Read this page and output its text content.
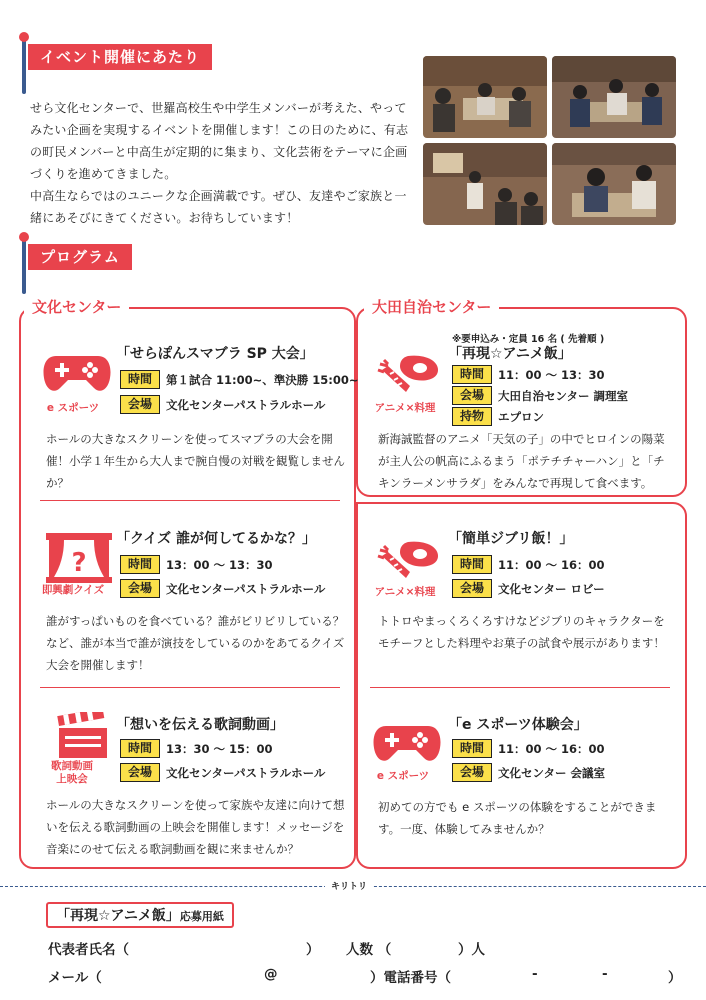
イベント開催にあたり

せら文化センターで、世羅高校生や中学生メンバーが考えた、やってみたい企画を実現するイベントを開催します！この日のために、有志の町民メンバーと中高生が定期的に集まり、文化芸術をテーマに企画づくりを進めてきました。

中高生ならではのユニークな企画満載です。ぜひ、友達やご家族と一緒にあそびにきてください。お待ちしています！

プログラム
文化センター	大田自治センター
e スポーツ
「せらぽんスマブラ SP 大会」
時間	第１試合 11:00~、準決勝 15:00~
会場	文化センターパストラルホール
ホールの大きなスクリーンを使ってスマブラの大会を開催！小学１年生から大人まで腕自慢の対戦を観覧しませんか？
?
即興劇クイズ
「クイズ 誰が何してるかな？」
時間	13：00 ～ 13：30
会場	文化センターパストラルホール
誰がすっぱいものを食べている？誰がビリビリしている？など、誰が本当で誰が演技をしているのかをあてるクイズ大会を開催します！
歌詞動画
上映会
「想いを伝える歌詞動画」
時間	13：30 ～ 15：00
会場	文化センターパストラルホール
ホールの大きなスクリーンを使って家族や友達に向けて想いを伝える歌詞動画の上映会を開催します！メッセージを音楽にのせて伝える歌詞動画を観に来ませんか？
※要申込み・定員 16 名 ( 先着順 )
アニメ×料理
「再現☆アニメ飯」
時間	11：00 ～ 13：30
会場	大田自治センター 調理室
持物	エプロン
新海誠監督のアニメ「天気の子」の中でヒロインの陽菜が主人公の帆高にふるまう「ポテチチャーハン」と「チキンラーメンサラダ」をみんなで再現して食べます。
アニメ×料理
「簡単ジブリ飯！」
時間	11：00 ～ 16：00
会場	文化センター ロビー
トトロやまっくろくろすけなどジブリのキャラクターをモチーフとした料理やお菓子の試食や展示があります！
e スポーツ
「e スポーツ体験会」
時間	11：00 ～ 16：00
会場	文化センター 会議室
初めての方でも e スポーツの体験をすることができます。一度、体験してみませんか？
キリトリ
「再現☆アニメ飯」応募用紙
代表者氏名（	） 人数 （	）人
メール（	@	）電話番号（	-	-	）
